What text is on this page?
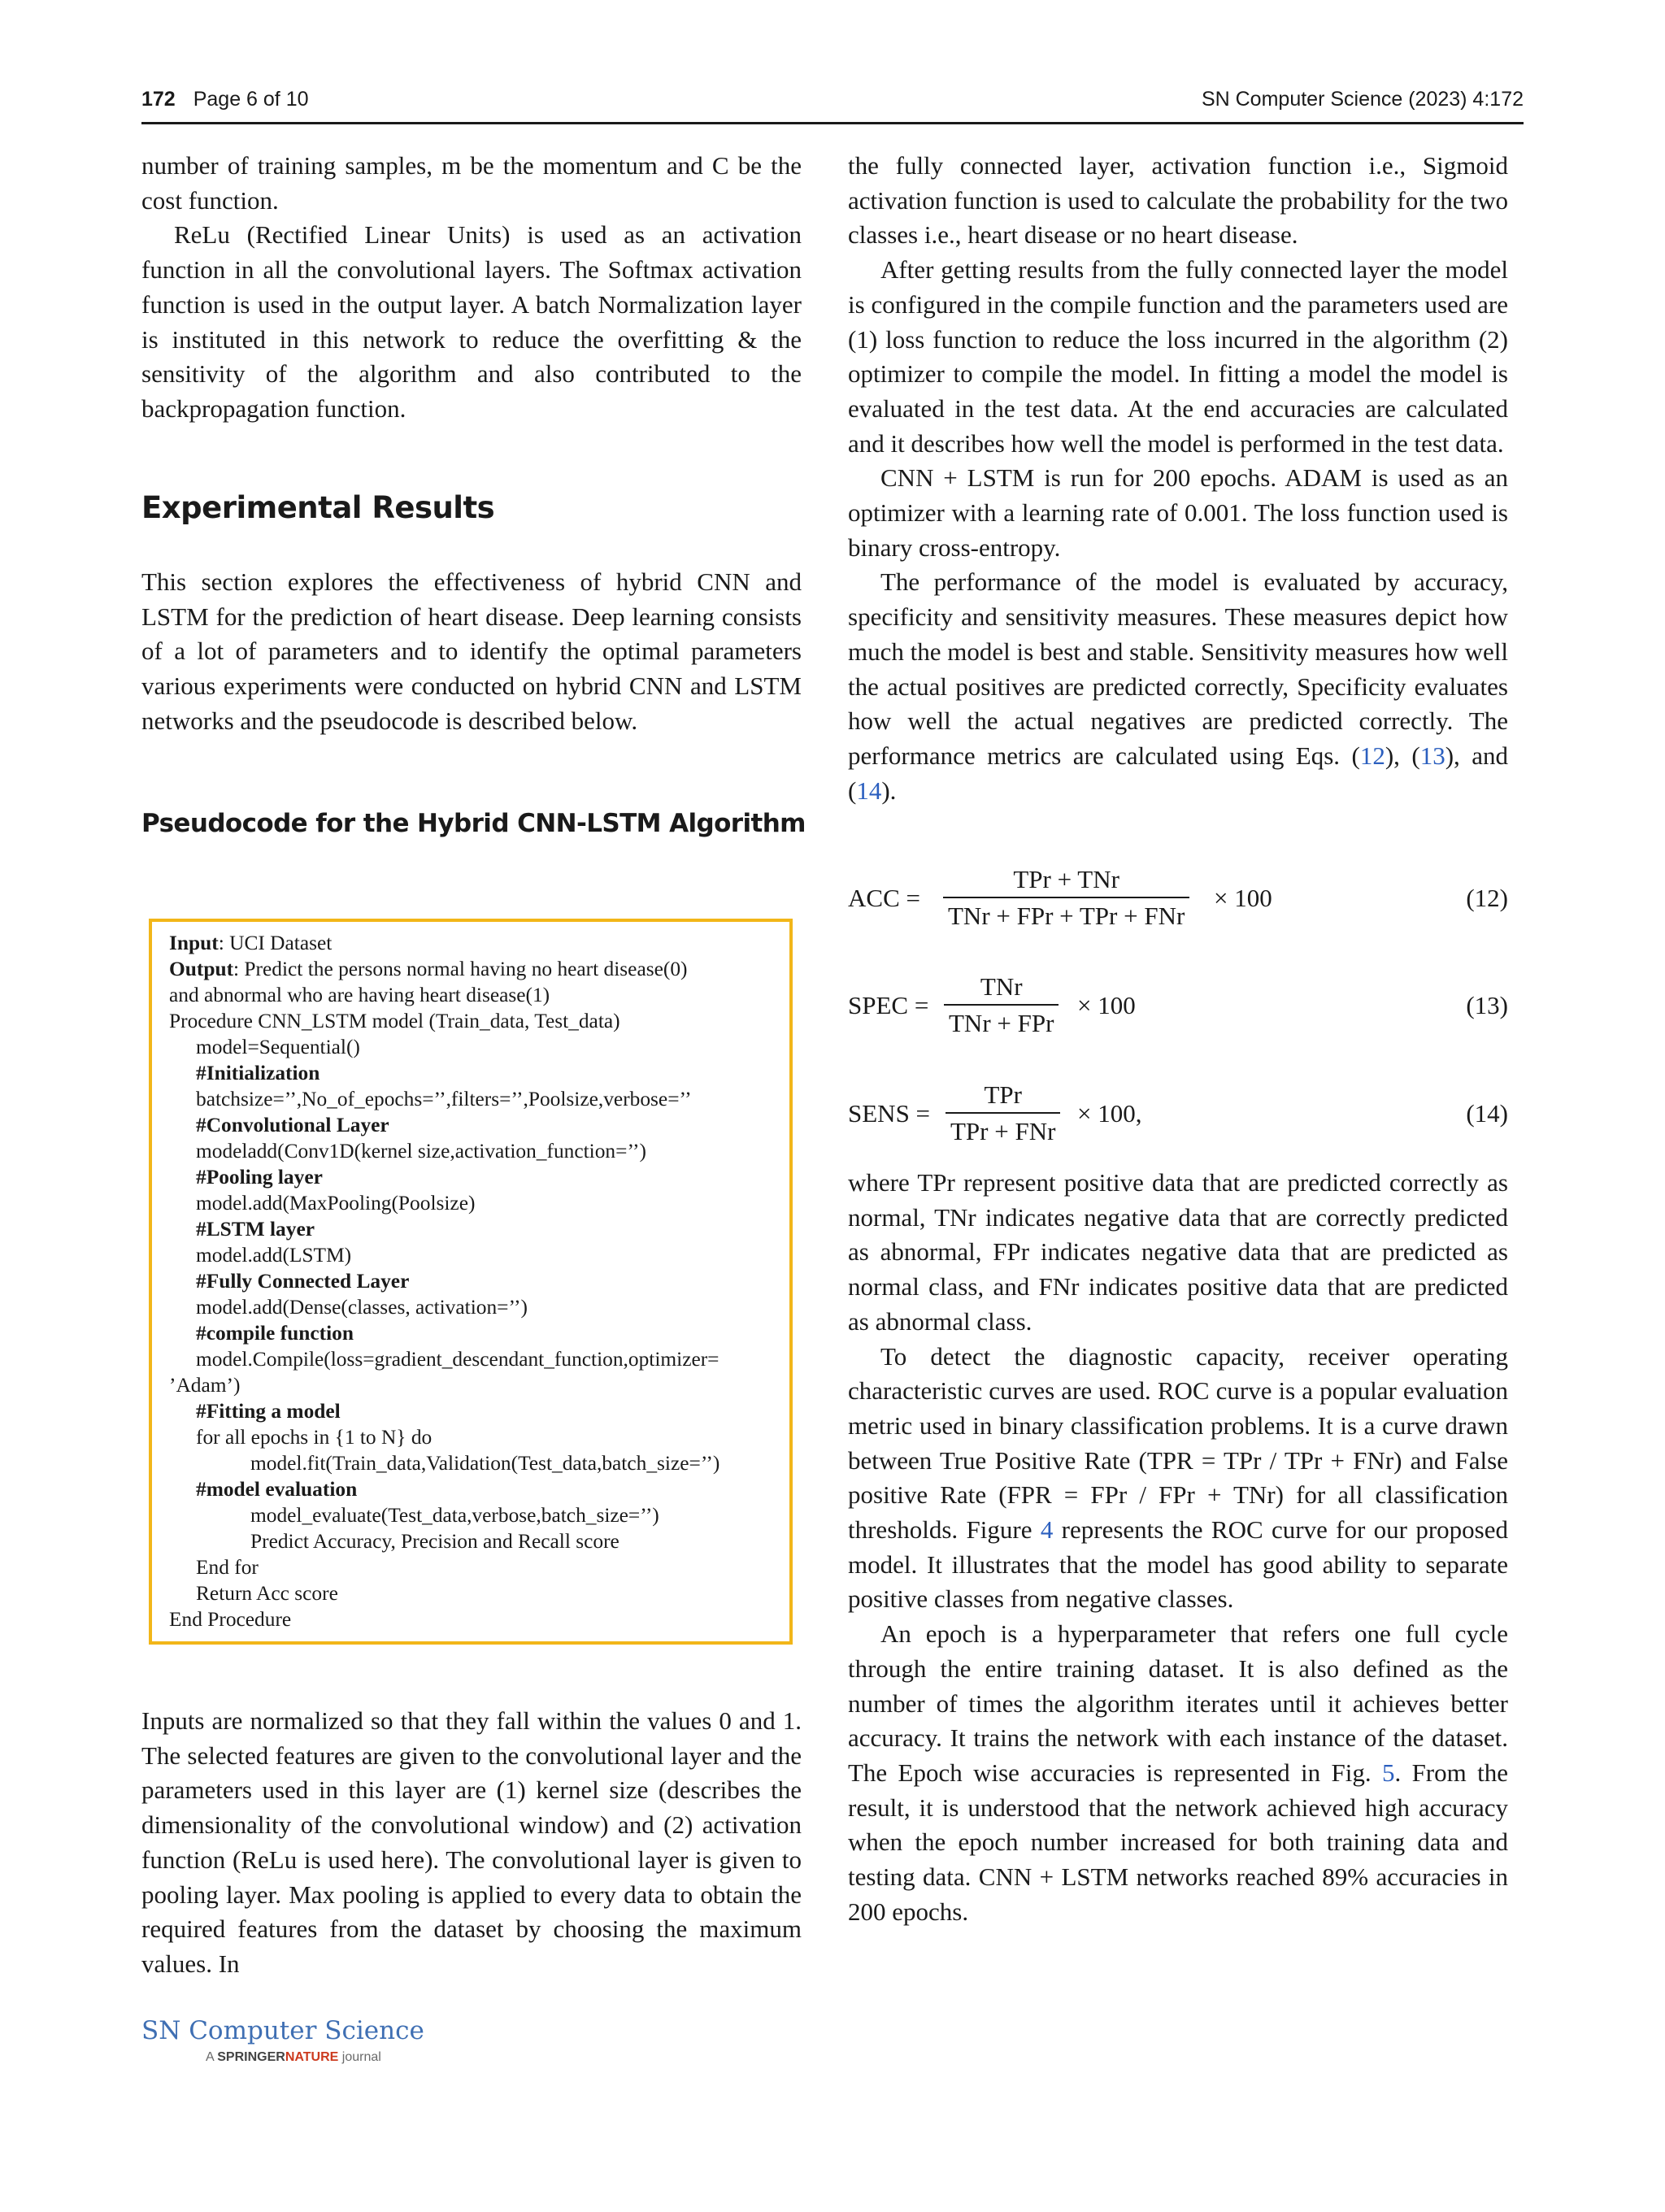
172 Page 6 of 10	SN Computer Science (2023) 4:172

number of training samples, m be the momentum and C be the cost function.

ReLu (Rectified Linear Units) is used as an activation function in all the convolutional layers. The Softmax activation function is used in the output layer. A batch Normalization layer is instituted in this network to reduce the overfitting & the sensitivity of the algorithm and also contributed to the backpropagation function.

Experimental Results

This section explores the effectiveness of hybrid CNN and LSTM for the prediction of heart disease. Deep learning consists of a lot of parameters and to identify the optimal parameters various experiments were conducted on hybrid CNN and LSTM networks and the pseudocode is described below.

Pseudocode for the Hybrid CNN-LSTM Algorithm

Input: UCI Dataset

Output: Predict the persons normal having no heart disease(0)

and abnormal who are having heart disease(1)

Procedure CNN_LSTM model (Train_data, Test_data)

model=Sequential()

#Initialization

batchsize=’’,No_of_epochs=’’,filters=’’,Poolsize,verbose=’’

#Convolutional Layer

modeladd(Conv1D(kernel size,activation_function=’’)

#Pooling layer

model.add(MaxPooling(Poolsize)

#LSTM layer

model.add(LSTM)

#Fully Connected Layer

model.add(Dense(classes, activation=’’)

#compile function

model.Compile(loss=gradient_descendant_function,optimizer=

’Adam’)

#Fitting a model

for all epochs in {1 to N} do

model.fit(Train_data,Validation(Test_data,batch_size=’’)

#model evaluation

model_evaluate(Test_data,verbose,batch_size=’’)

Predict Accuracy, Precision and Recall score

End for

Return Acc score

End Procedure

Inputs are normalized so that they fall within the values 0 and 1. The selected features are given to the convolutional layer and the parameters used in this layer are (1) kernel size (describes the dimensionality of the convolutional window) and (2) activation function (ReLu is used here). The convolutional layer is given to pooling layer. Max pooling is applied to every data to obtain the required features from the dataset by choosing the maximum values. In

the fully connected layer, activation function i.e., Sigmoid activation function is used to calculate the probability for the two classes i.e., heart disease or no heart disease.

After getting results from the fully connected layer the model is configured in the compile function and the parameters used are (1) loss function to reduce the loss incurred in the algorithm (2) optimizer to compile the model. In fitting a model the model is evaluated in the test data. At the end accuracies are calculated and it describes how well the model is performed in the test data.

CNN + LSTM is run for 200 epochs. ADAM is used as an optimizer with a learning rate of 0.001. The loss function used is binary cross-entropy.

The performance of the model is evaluated by accuracy, specificity and sensitivity measures. These measures depict how much the model is best and stable. Sensitivity measures how well the actual positives are predicted correctly, Specificity evaluates how well the actual negatives are predicted correctly. The performance metrics are calculated using Eqs. (12), (13), and (14).

ACC =
TPr + TNr
TNr + FPr + TPr + FNr
× 100	(12)
SPEC =
TNr
TNr + FPr
× 100	(13)
SENS =
TPr
TPr + FNr
× 100,	(14)

where TPr represent positive data that are predicted correctly as normal, TNr indicates negative data that are correctly predicted as abnormal, FPr indicates negative data that are predicted as normal class, and FNr indicates positive data that are predicted as abnormal class.

To detect the diagnostic capacity, receiver operating characteristic curves are used. ROC curve is a popular evaluation metric used in binary classification problems. It is a curve drawn between True Positive Rate (TPR = TPr / TPr + FNr) and False positive Rate (FPR = FPr / FPr + TNr) for all classification thresholds. Figure 4 represents the ROC curve for our proposed model. It illustrates that the model has good ability to separate positive classes from negative classes.

An epoch is a hyperparameter that refers one full cycle through the entire training dataset. It is also defined as the number of times the algorithm iterates until it achieves better accuracy. It trains the network with each instance of the dataset. The Epoch wise accuracies is represented in Fig. 5. From the result, it is understood that the network achieved high accuracy when the epoch number increased for both training data and testing data. CNN + LSTM networks reached 89% accuracies in 200 epochs.

SN Computer Science
A SPRINGERNATURE journal
